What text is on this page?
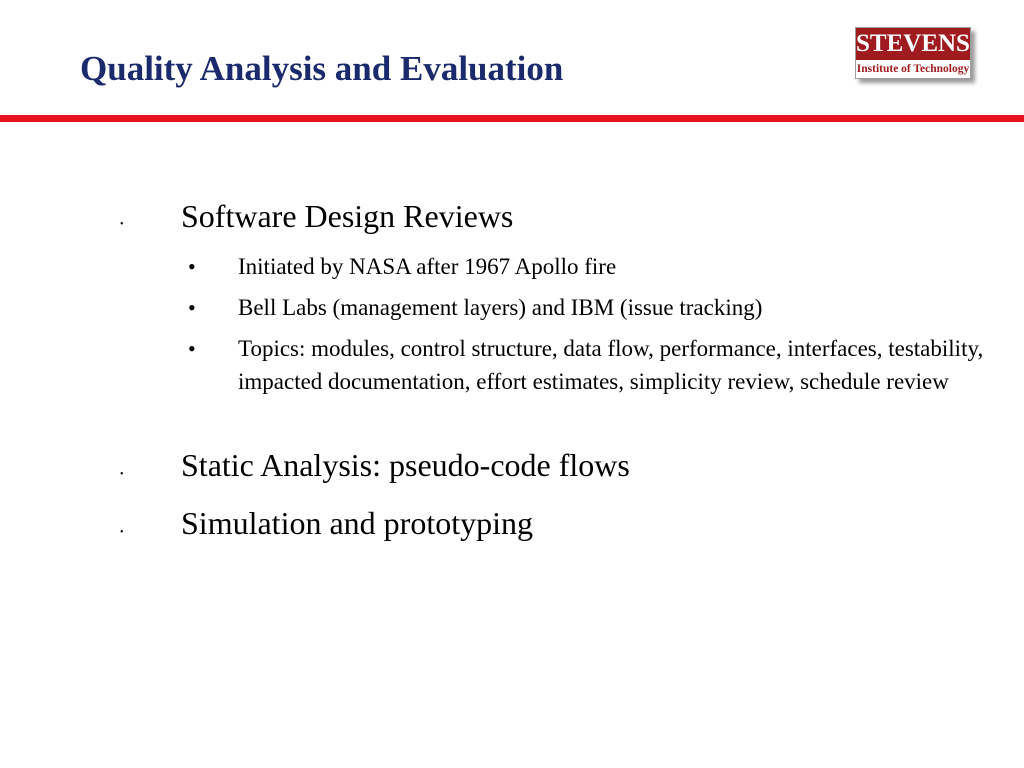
Quality Analysis and Evaluation
STEVENS
Institute of Technology
• Software Design Reviews
• Initiated by NASA after 1967 Apollo fire
• Bell Labs (management layers) and IBM (issue tracking)
• Topics: modules, control structure, data flow, performance, interfaces, testability, impacted documentation, effort estimates, simplicity review, schedule review
• Static Analysis: pseudo-code flows
• Simulation and prototyping
